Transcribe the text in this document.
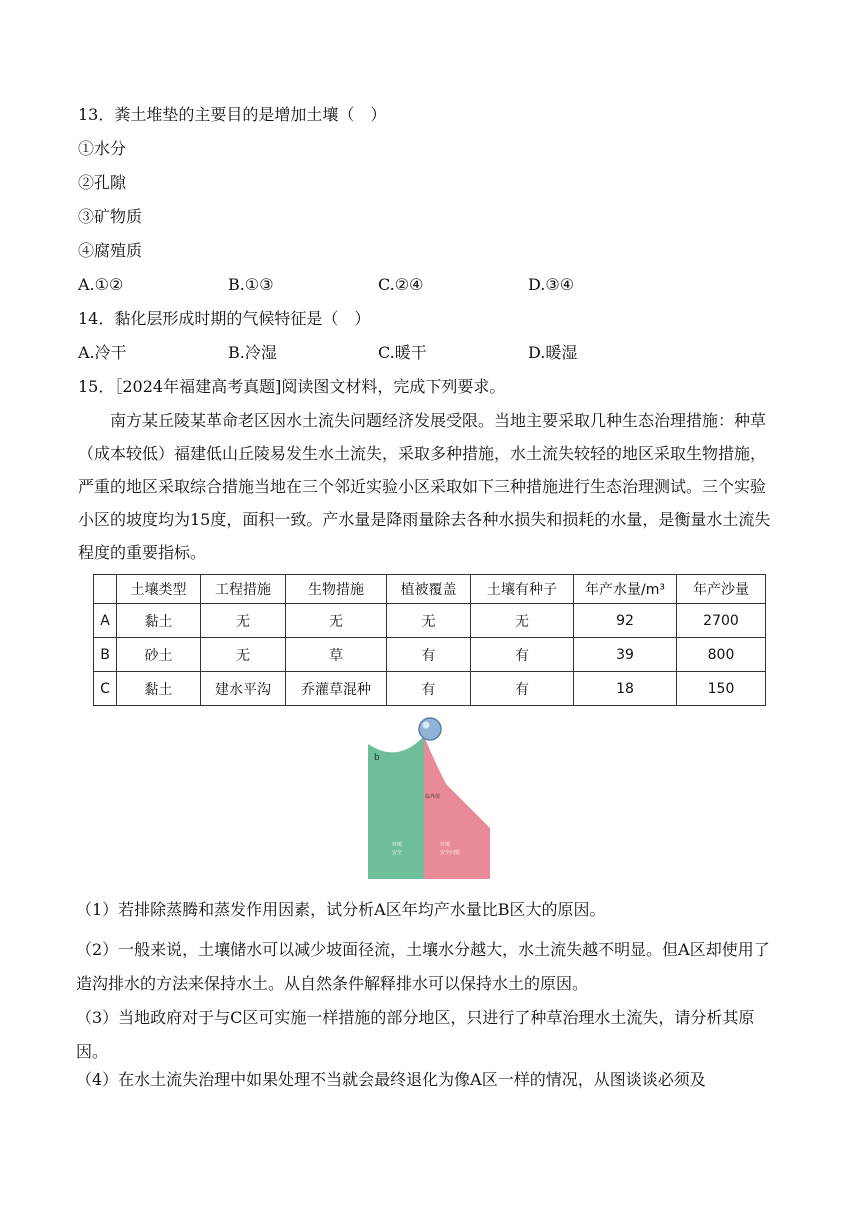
13．粪土堆垫的主要目的是增加土壤（　）
①水分
②孔隙
③矿物质
④腐殖质
A.①②	B.①③	C.②④	D.③④
14．黏化层形成时期的气候特征是（　）
A.冷干	B.冷湿	C.暖干	D.暖湿
15．［2024年福建高考真题]阅读图文材料，完成下列要求。
南方某丘陵某革命老区因水土流失问题经济发展受限。当地主要采取几种生态治理措施：种草（成本较低）福建低山丘陵易发生水土流失，采取多种措施，水土流失较轻的地区采取生物措施，严重的地区采取综合措施当地在三个邻近实验小区采取如下三种措施进行生态治理测试。三个实验小区的坡度均为15度，面积一致。产水量是降雨量除去各种水损失和损耗的水量，是衡量水土流失程度的重要指标。
	土壤类型	工程措施	生物措施	植被覆盖	土壤有种子	年产水量/m³	年产沙量
A	黏土	无	无	无	无	92	2700
B	砂土	无	草	有	有	39	800
C	黏土	建水平沟	乔灌草混种	有	有	18	150
b
临界值
环境
安全
环境
安全问题
（1）若排除蒸腾和蒸发作用因素，试分析A区年均产水量比B区大的原因。
（2）一般来说，土壤储水可以减少坡面径流，土壤水分越大，水土流失越不明显。但A区却使用了造沟排水的方法来保持水土。从自然条件解释排水可以保持水土的原因。
（3）当地政府对于与C区可实施一样措施的部分地区，只进行了种草治理水土流失，请分析其原因。
（4）在水土流失治理中如果处理不当就会最终退化为像A区一样的情况，从图谈谈必须及
